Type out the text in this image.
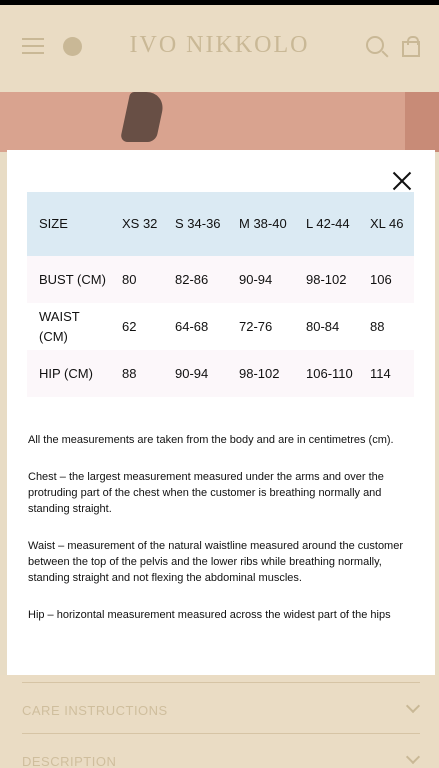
IVO NIKKOLO
CARE INSTRUCTIONS
DESCRIPTION
SIZE	XS 32	S 34-36	M 38-40	L 42-44	XL 46
BUST (CM)	80	82-86	90-94	98-102	106
WAIST (CM)	62	64-68	72-76	80-84	88
HIP (CM)	88	90-94	98-102	106-110	114

All the measurements are taken from the body and are in centimetres (cm).

Chest – the largest measurement measured under the arms and over the protruding part of the chest when the customer is breathing normally and standing straight.

Waist – measurement of the natural waistline measured around the customer between the top of the pelvis and the lower ribs while breathing normally, standing straight and not flexing the abdominal muscles.

Hip – horizontal measurement measured across the widest part of the hips
